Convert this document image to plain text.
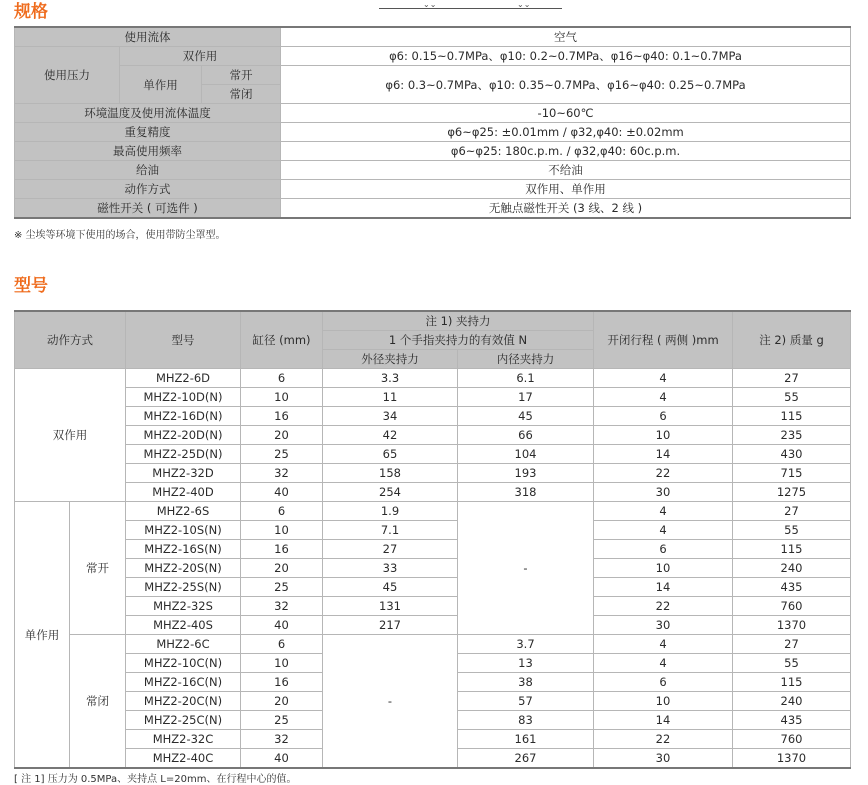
规格	⌄⌄	⌄⌄
使用流体			空气
使用压力	双作用		φ6: 0.15~0.7MPa、φ10: 0.2~0.7MPa、φ16~φ40: 0.1~0.7MPa
	单作用	常开	φ6: 0.3~0.7MPa、φ10: 0.35~0.7MPa、φ16~φ40: 0.25~0.7MPa
		常闭	
环境温度及使用流体温度			-10~60℃
重复精度			φ6~φ25: ±0.01mm / φ32,φ40: ±0.02mm
最高使用频率			φ6~φ25: 180c.p.m. / φ32,φ40: 60c.p.m.
给油			不给油
动作方式			双作用、单作用
磁性开关 ( 可选件 )			无触点磁性开关 (3 线、2 线 )
※ 尘埃等环境下使用的场合，使用带防尘罩型。
型号
动作方式		型号	缸径 (mm)	注 1) 夹持力		开闭行程 ( 两侧 )mm	注 2) 质量 g
				1 个手指夹持力的有效值 N			
				外径夹持力	内径夹持力		
双作用		MHZ2-6D	6	3.3	6.1	4	27
		MHZ2-10D(N)	10	11	17	4	55
		MHZ2-16D(N)	16	34	45	6	115
		MHZ2-20D(N)	20	42	66	10	235
		MHZ2-25D(N)	25	65	104	14	430
		MHZ2-32D	32	158	193	22	715
		MHZ2-40D	40	254	318	30	1275
单作用	常开	MHZ2-6S	6	1.9	-	4	27
		MHZ2-10S(N)	10	7.1		4	55
		MHZ2-16S(N)	16	27		6	115
		MHZ2-20S(N)	20	33		10	240
		MHZ2-25S(N)	25	45		14	435
		MHZ2-32S	32	131		22	760
		MHZ2-40S	40	217		30	1370
	常闭	MHZ2-6C	6	-	3.7	4	27
		MHZ2-10C(N)	10		13	4	55
		MHZ2-16C(N)	16		38	6	115
		MHZ2-20C(N)	20		57	10	240
		MHZ2-25C(N)	25		83	14	435
		MHZ2-32C	32		161	22	760
		MHZ2-40C	40		267	30	1370
[ 注 1] 压力为 0.5MPa、夹持点 L=20mm、在行程中心的值。
